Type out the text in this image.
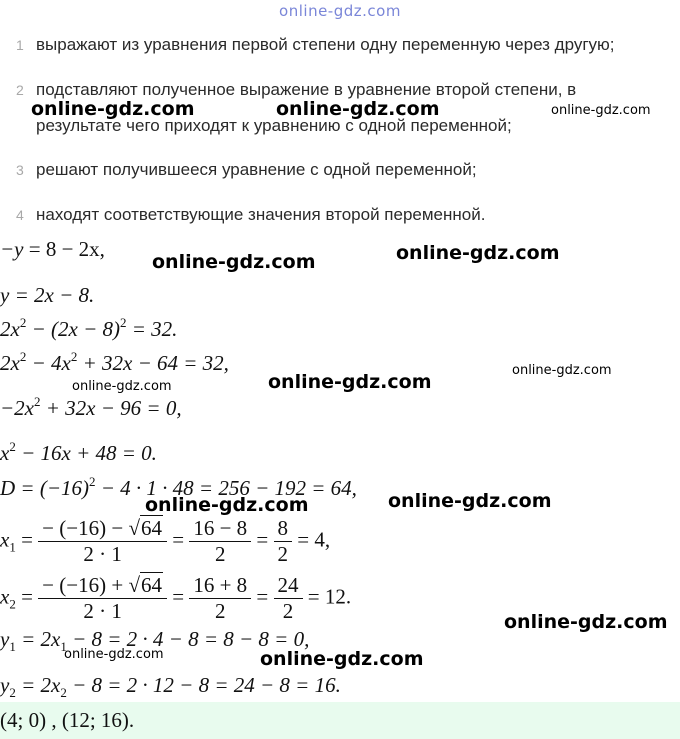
online-gdz.com
1 выражают из уравнения первой степени одну переменную через другую;
2 подставляют полученное выражение в уравнение второй степени, в
результате чего приходят к уравнению с одной переменной;
3 решают получившееся уравнение с одной переменной;
4 находят соответствующие значения второй переменной.
−y = 8 − 2x,
y = 2x − 8.
$2x^2 - (2x - 8)^2 = 32$.
$2x^2 - 4x^2 + 32x - 64 = 32$,
$-2x^2 + 32x - 96 = 0$,
$x^2 - 16x + 48 = 0$.
$D = (-16)^2 - 4 \cdot 1 \cdot 48 = 256 - 192 = 64$,
$x_1 = \frac{- (-16) - √64}{2 \cdot 1} = \frac{16 - 8}{2} = \frac{8}{2} = 4$,
$x_2 = \frac{- (-16) + √64}{2 \cdot 1} = \frac{16 + 8}{2} = \frac{24}{2} = 12$.
$y_1 = 2x_1 - 8 = 2 \cdot 4 - 8 = 8 - 8 = 0$,
$y_2 = 2x_2 - 8 = 2 \cdot 12 - 8 = 24 - 8 = 16$.
(4; 0) , (12; 16).
online-gdz.com	online-gdz.com	online-gdz.com
online-gdz.com	online-gdz.com
online-gdz.com
online-gdz.com
online-gdz.com
online-gdz.com	online-gdz.com
online-gdz.com
online-gdz.com	online-gdz.com
